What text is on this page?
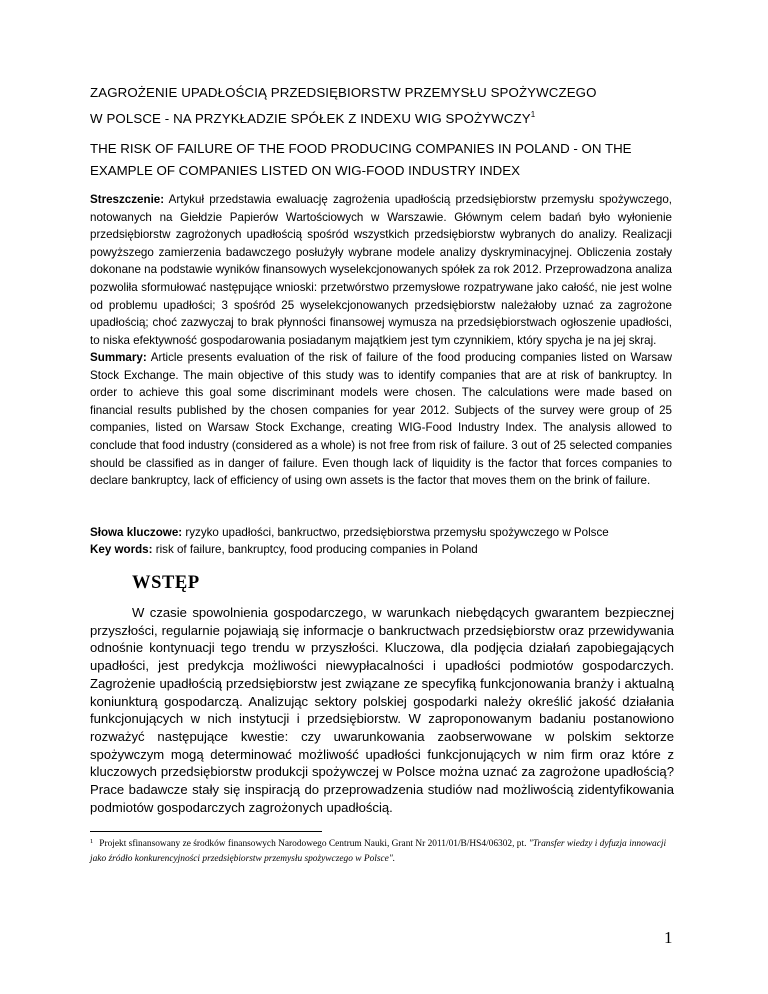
ZAGROŻENIE UPADŁOŚCIĄ PRZEDSIĘBIORSTW PRZEMYSŁU SPOŻYWCZEGO
W POLSCE - NA PRZYKŁADZIE SPÓŁEK Z INDEXU WIG SPOŻYWCZY$^1$
THE RISK OF FAILURE OF THE FOOD PRODUCING COMPANIES IN POLAND - ON THE
EXAMPLE OF COMPANIES LISTED ON WIG-FOOD INDUSTRY INDEX
Streszczenie: Artykuł przedstawia ewaluację zagrożenia upadłością przedsiębiorstw przemysłu spożywczego, notowanych na Giełdzie Papierów Wartościowych w Warszawie. Głównym celem badań było wyłonienie przedsiębiorstw zagrożonych upadłością spośród wszystkich przedsiębiorstw wybranych do analizy. Realizacji powyższego zamierzenia badawczego posłużyły wybrane modele analizy dyskryminacyjnej. Obliczenia zostały dokonane na podstawie wyników finansowych wyselekcjonowanych spółek za rok 2012. Przeprowadzona analiza pozwoliła sformułować następujące wnioski: przetwórstwo przemysłowe rozpatrywane jako całość, nie jest wolne od problemu upadłości; 3 spośród 25 wyselekcjonowanych przedsiębiorstw należałoby uznać za zagrożone upadłością; choć zazwyczaj to brak płynności finansowej wymusza na przedsiębiorstwach ogłoszenie upadłości, to niska efektywność gospodarowania posiadanym majątkiem jest tym czynnikiem, który spycha je na jej skraj.
Summary: Article presents evaluation of the risk of failure of the food producing companies listed on Warsaw Stock Exchange. The main objective of this study was to identify companies that are at risk of bankruptcy. In order to achieve this goal some discriminant models were chosen. The calculations were made based on financial results published by the chosen companies for year 2012. Subjects of the survey were group of 25 companies, listed on Warsaw Stock Exchange, creating WIG-Food Industry Index. The analysis allowed to conclude that food industry (considered as a whole) is not free from risk of failure. 3 out of 25 selected companies should be classified as in danger of failure. Even though lack of liquidity is the factor that forces companies to declare bankruptcy, lack of efficiency of using own assets is the factor that moves them on the brink of failure.
Słowa kluczowe: ryzyko upadłości, bankructwo, przedsiębiorstwa przemysłu spożywczego w Polsce
Key words: risk of failure, bankruptcy, food producing companies in Poland
WSTĘP
W czasie spowolnienia gospodarczego, w warunkach niebędących gwarantem bezpiecznej przyszłości, regularnie pojawiają się informacje o bankructwach przedsiębiorstw oraz przewidywania odnośnie kontynuacji tego trendu w przyszłości. Kluczowa, dla podjęcia działań zapobiegających upadłości, jest predykcja możliwości niewypłacalności i upadłości podmiotów gospodarczych. Zagrożenie upadłością przedsiębiorstw jest związane ze specyfiką funkcjonowania branży i aktualną koniunkturą gospodarczą. Analizując sektory polskiej gospodarki należy określić jakość działania funkcjonujących w nich instytucji i przedsiębiorstw. W zaproponowanym badaniu postanowiono rozważyć następujące kwestie: czy uwarunkowania zaobserwowane w polskim sektorze spożywczym mogą determinować możliwość upadłości funkcjonujących w nim firm oraz które z kluczowych przedsiębiorstw produkcji spożywczej w Polsce można uznać za zagrożone upadłością? Prace badawcze stały się inspiracją do przeprowadzenia studiów nad możliwością zidentyfikowania podmiotów gospodarczych zagrożonych upadłością.
$^1$ Projekt sfinansowany ze środków finansowych Narodowego Centrum Nauki, Grant Nr 2011/01/B/HS4/06302, pt. "Transfer wiedzy i dyfuzja innowacji jako źródło konkurencyjności przedsiębiorstw przemysłu spożywczego w Polsce".
1
